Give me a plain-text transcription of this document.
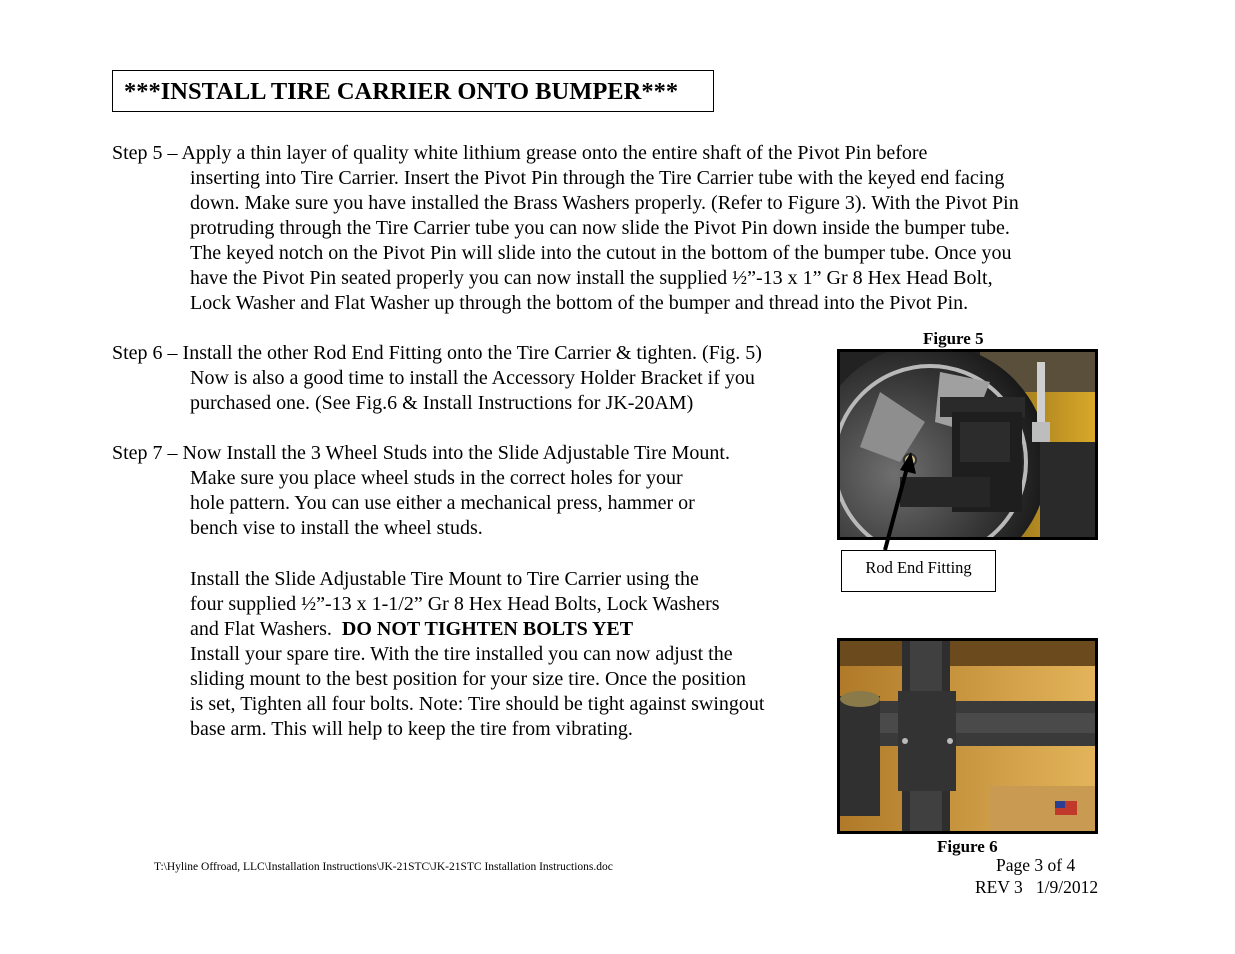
***INSTALL TIRE CARRIER ONTO BUMPER***
Step 5 – Apply a thin layer of quality white lithium grease onto the entire shaft of the Pivot Pin before
inserting into Tire Carrier. Insert the Pivot Pin through the Tire Carrier tube with the keyed end facing
down. Make sure you have installed the Brass Washers properly. (Refer to Figure 3). With the Pivot Pin
protruding through the Tire Carrier tube you can now slide the Pivot Pin down inside the bumper tube.
The keyed notch on the Pivot Pin will slide into the cutout in the bottom of the bumper tube. Once you
have the Pivot Pin seated properly you can now install the supplied ½”-13 x 1” Gr 8 Hex Head Bolt,
Lock Washer and Flat Washer up through the bottom of the bumper and thread into the Pivot Pin.
Step 6 – Install the other Rod End Fitting onto the Tire Carrier & tighten. (Fig. 5)
Now is also a good time to install the Accessory Holder Bracket if you
purchased one. (See Fig.6 & Install Instructions for JK-20AM)
Step 7 – Now Install the 3 Wheel Studs into the Slide Adjustable Tire Mount.
Make sure you place wheel studs in the correct holes for your
hole pattern. You can use either a mechanical press, hammer or
bench vise to install the wheel studs.
Install the Slide Adjustable Tire Mount to Tire Carrier using the
four supplied ½”-13 x 1-1/2” Gr 8 Hex Head Bolts, Lock Washers
and Flat Washers.  DO NOT TIGHTEN BOLTS YET
Install your spare tire. With the tire installed you can now adjust the
sliding mount to the best position for your size tire. Once the position
is set, Tighten all four bolts. Note: Tire should be tight against swingout
base arm. This will help to keep the tire from vibrating.
Figure 5
Rod End Fitting
Figure 6
T:\Hyline Offroad, LLC\Installation Instructions\JK-21STC\JK-21STC Installation Instructions.doc	Page 3 of 4
REV 3   1/9/2012
